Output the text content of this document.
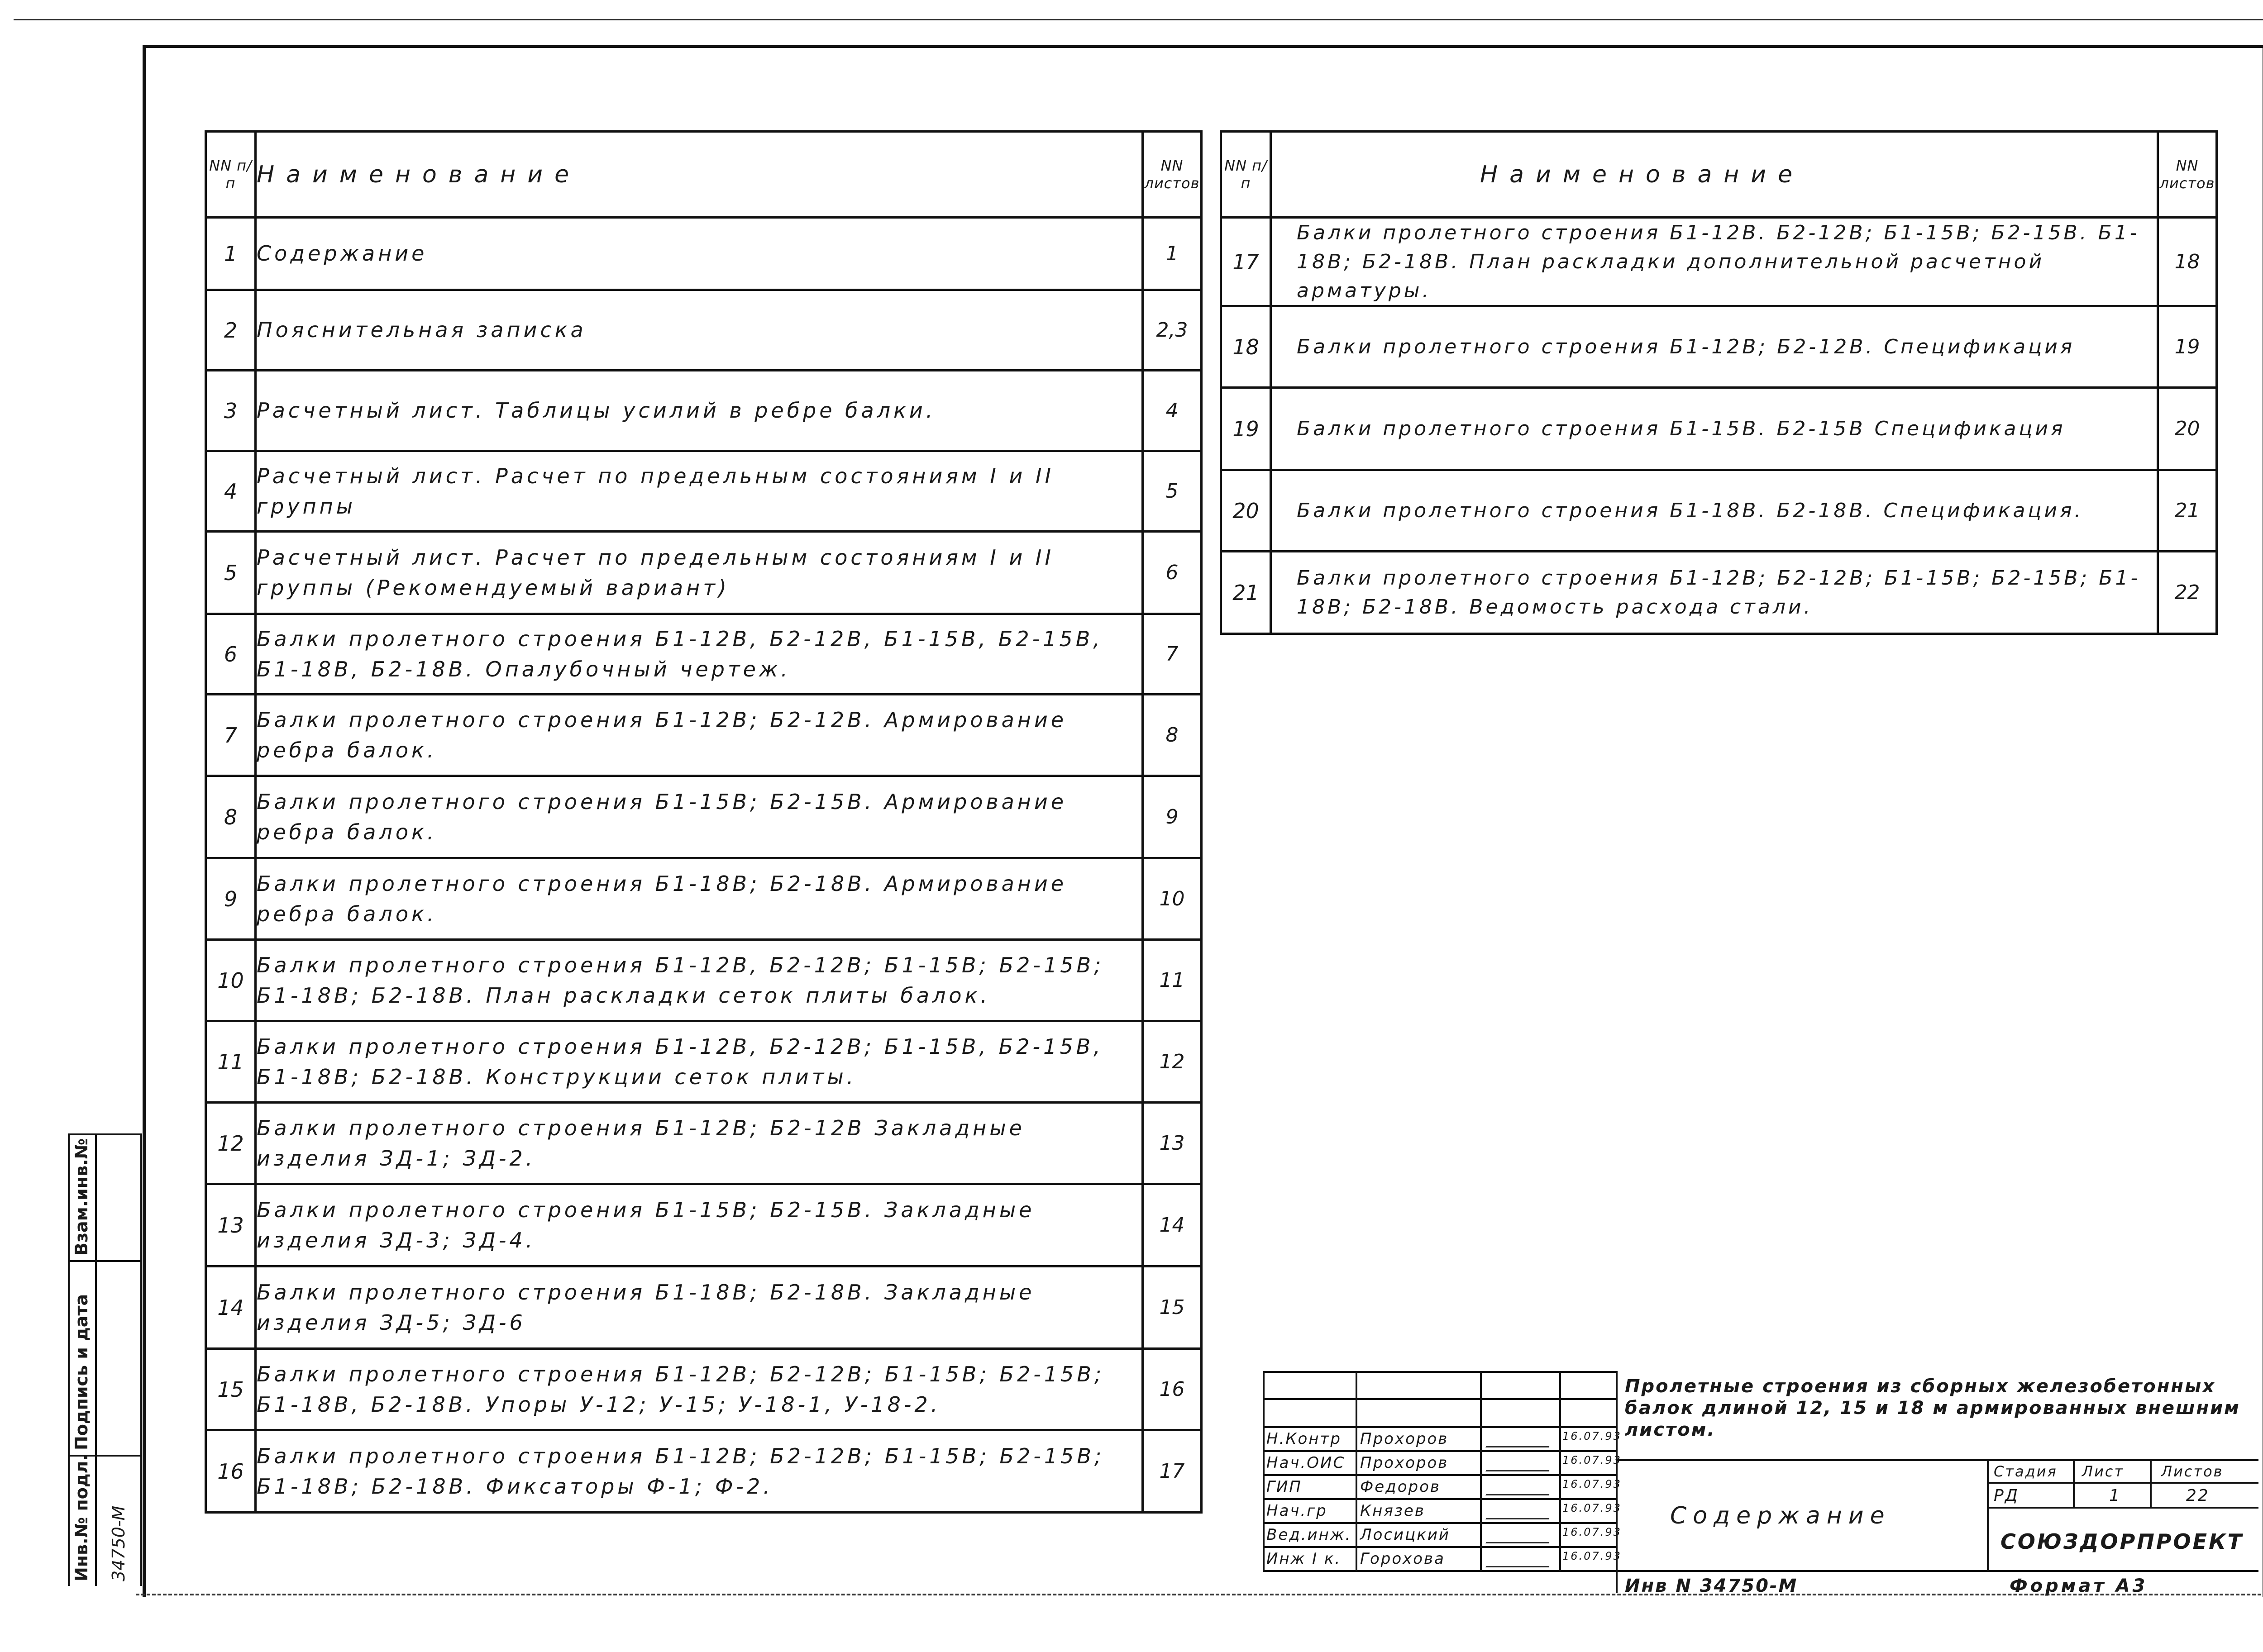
NN п/п	Наименование	NN листов
1	Содержание	1
2	Пояснительная записка	2,3
3	Расчетный лист. Таблицы усилий в ребре балки.	4
4	Расчетный лист. Расчет по предельным состояниям I и II группы	5
5	Расчетный лист. Расчет по предельным состояниям I и II группы (Рекомендуемый вариант)	6
6	Балки пролетного строения Б1-12В, Б2-12В, Б1-15В, Б2-15В, Б1-18В, Б2-18В. Опалубочный чертеж.	7
7	Балки пролетного строения Б1-12В; Б2-12В. Армирование ребра балок.	8
8	Балки пролетного строения Б1-15В; Б2-15В. Армирование ребра балок.	9
9	Балки пролетного строения Б1-18В; Б2-18В. Армирование ребра балок.	10
10	Балки пролетного строения Б1-12В, Б2-12В; Б1-15В; Б2-15В; Б1-18В; Б2-18В. План раскладки сеток плиты балок.	11
11	Балки пролетного строения Б1-12В, Б2-12В; Б1-15В, Б2-15В, Б1-18В; Б2-18В. Конструкции сеток плиты.	12
12	Балки пролетного строения Б1-12В; Б2-12В Закладные изделия ЗД-1; ЗД-2.	13
13	Балки пролетного строения Б1-15В; Б2-15В. Закладные изделия ЗД-3; ЗД-4.	14
14	Балки пролетного строения Б1-18В; Б2-18В. Закладные изделия ЗД-5; ЗД-6	15
15	Балки пролетного строения Б1-12В; Б2-12В; Б1-15В; Б2-15В; Б1-18В, Б2-18В. Упоры У-12; У-15; У-18-1, У-18-2.	16
16	Балки пролетного строения Б1-12В; Б2-12В; Б1-15В; Б2-15В; Б1-18В; Б2-18В. Фиксаторы Ф-1; Ф-2.	17
NN п/п	Наименование	NN листов
17	Балки пролетного строения Б1-12В. Б2-12В; Б1-15В; Б2-15В. Б1-18В; Б2-18В. План раскладки дополнительной расчетной арматуры.	18
18	Балки пролетного строения Б1-12В; Б2-12В. Спецификация	19
19	Балки пролетного строения Б1-15В. Б2-15В Спецификация	20
20	Балки пролетного строения Б1-18В. Б2-18В. Спецификация.	21
21	Балки пролетного строения Б1-12В; Б2-12В; Б1-15В; Б2-15В; Б1-18В; Б2-18В. Ведомость расхода стали.	22
Н.Контр Прохоров	16.07.93
Нач.ОИС Прохоров	16.07.93
ГИП	Федоров	16.07.93
Нач.гр Князев	16.07.93
Вед.инж. Лосицкий	16.07.93
Инж I к. Горохова	16.07.93
Пролетные строения из сборных железобетонных балок длиной 12, 15 и 18 м армированных внешним листом.
Содержание
Стадия Лист	Листов
РД	1	22
СОЮЗДОРПРОЕКТ
Инв N 34750-М	Формат А3
Взам.инв.№
Подпись и дата
Инв.№ подл. 34750-М
